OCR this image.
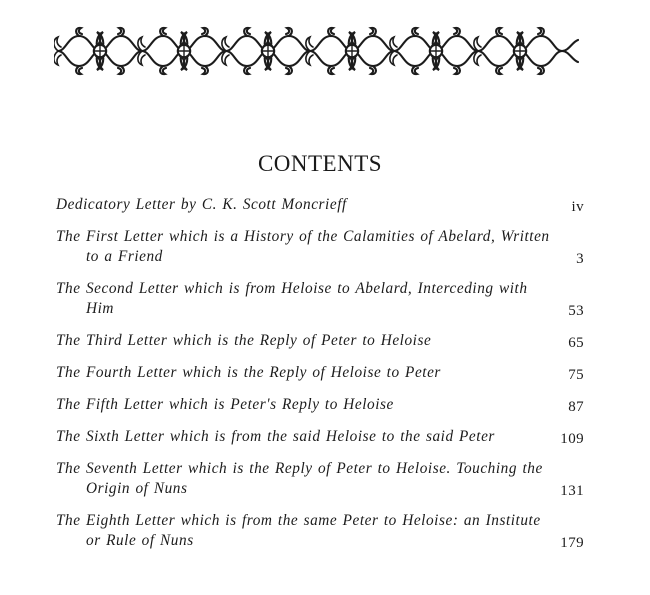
CONTENTS
Dedicatory Letter by C. K. Scott Moncrieff	iv
The First Letter which is a History of the Calamities of Abelard, Written to a Friend	3
The Second Letter which is from Heloise to Abelard, Interceding with Him	53
The Third Letter which is the Reply of Peter to Heloise	65
The Fourth Letter which is the Reply of Heloise to Peter	75
The Fifth Letter which is Peter's Reply to Heloise	87
The Sixth Letter which is from the said Heloise to the said Peter	109
The Seventh Letter which is the Reply of Peter to Heloise. Touching the Origin of Nuns	131
The Eighth Letter which is from the same Peter to Heloise: an Institute or Rule of Nuns	179
